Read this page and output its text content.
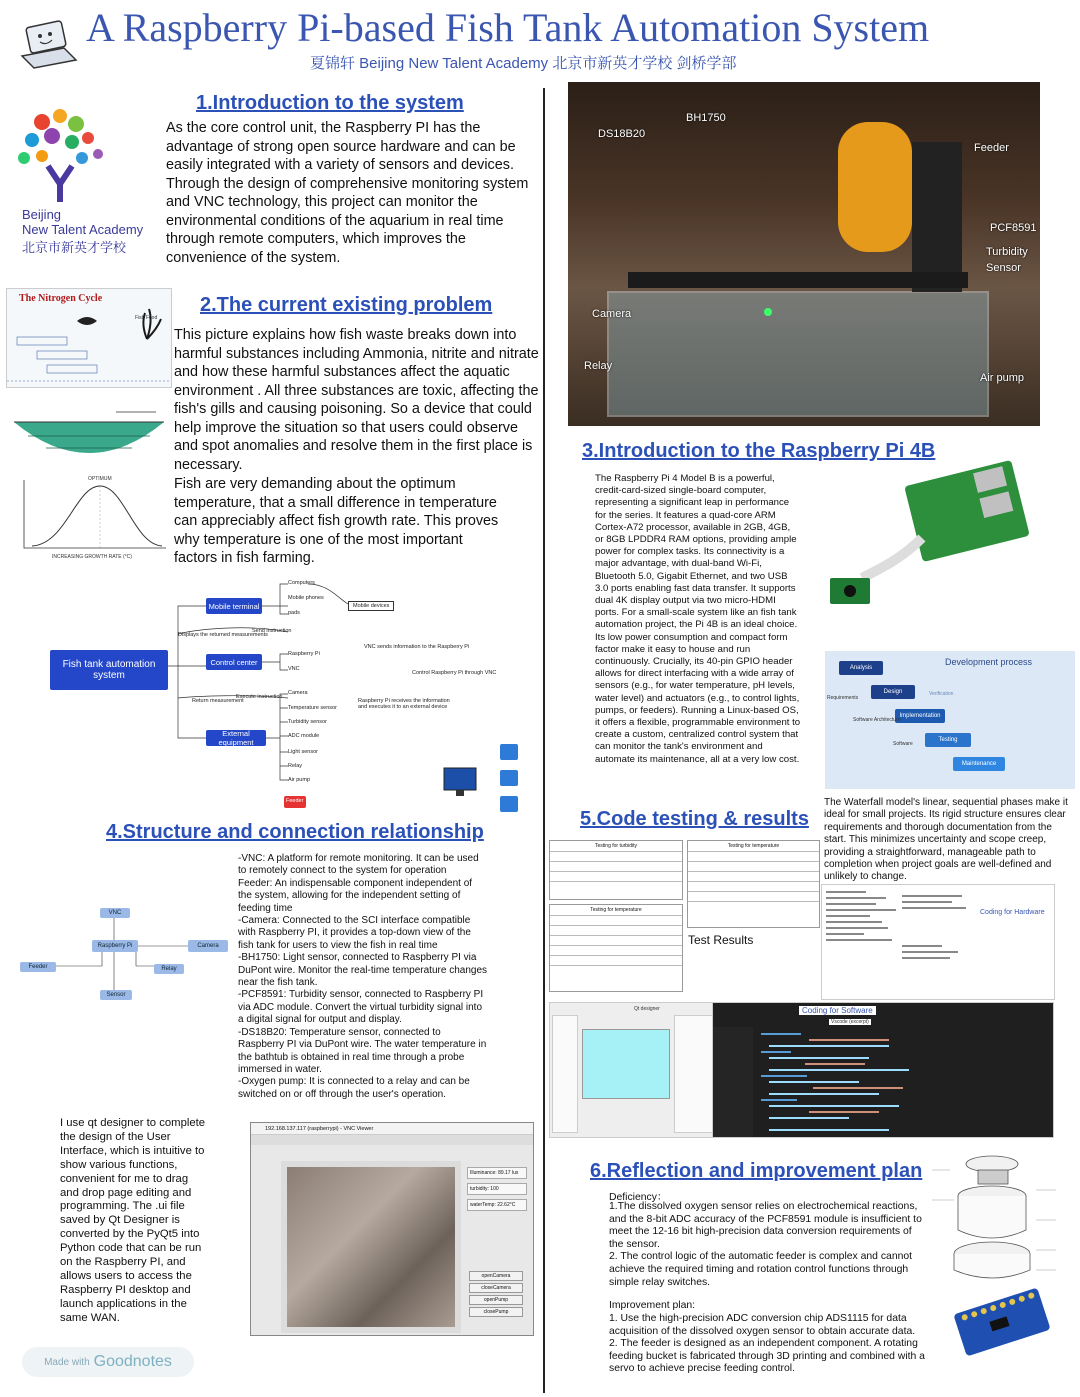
A Raspberry Pi-based Fish Tank Automation System
夏锦轩 Beijing New Talent Academy 北京市新英才学校 剑桥学部
Beijing
New Talent Academy
北京市新英才学校
1.Introduction to the system
As the core control unit, the Raspberry PI has the advantage of strong open source hardware and can be easily integrated with a variety of sensors and devices. Through the design of comprehensive monitoring system and VNC technology, this project can monitor the environmental conditions of the aquarium in real time through remote computers, which improves the convenience of the system.
The Nitrogen Cycle
Fish Food
OPTIMUM
INCREASING GROWTH RATE (°C)
2.The current existing problem
This picture explains how fish waste breaks down into harmful substances including Ammonia, nitrite and nitrate and how these harmful substances affect the aquatic environment . All three substances are toxic, affecting the fish's gills and causing poisoning. So a device that could help improve the situation so that users could observe and spot anomalies and resolve them in the first place is necessary.
Fish are very demanding about the optimum temperature, that a small difference in temperature can appreciably affect fish growth rate. This proves why temperature is one of the most important factors in fish farming.
Fish tank automation system
Mobile terminal
Control center
External equipment
Computers
Mobile phones
pads
Mobile devices
Displays the returned measurements
Send instruction
Raspberry Pi
VNC
VNC sends information to the Raspberry Pi
Control Raspberry Pi through VNC
Return measurement
Execute instruction
Camera
Temperature sensor
Turbidity sensor
ADC module
Light sensor
Relay
Air pump
Raspberry Pi receives the information and executes it to an external device
Feeder
4.Structure and connection relationship
VNC
Raspberry Pi	Camera
Relay
Feeder
Sensor
-VNC: A platform for remote monitoring. It can be used to remotely connect to the system for operation
Feeder: An indispensable component independent of the system, allowing for the independent setting of feeding time
-Camera: Connected to the SCI interface compatible with Raspberry PI, it provides a top-down view of the fish tank for users to view the fish in real time
-BH1750: Light sensor, connected to Raspberry PI via DuPont wire. Monitor the real-time temperature changes near the fish tank.
-PCF8591: Turbidity sensor, connected to Raspberry PI via ADC module. Convert the virtual turbidity signal into a digital signal for output and display.
-DS18B20: Temperature sensor, connected to Raspberry PI via DuPont wire. The water temperature in the bathtub is obtained in real time through a probe immersed in water.
-Oxygen pump: It is connected to a relay and can be switched on or off through the user's operation.
I use qt designer to complete the design of the User Interface, which is intuitive to show various functions, convenient for me to drag and drop page editing and programming. The .ui file saved by Qt Designer is converted by the PyQt5 into Python code that can be run on the Raspberry PI, and allows users to access the Raspberry PI desktop and launch applications in the same WAN.
192.168.137.117 (raspberrypi) - VNC Viewer
Illuminance: 89.17 lux
turbidity: 100
waterTemp: 22.62°C
openCamera
closeCamera
openPump
closePump
Made with Goodnotes
DS18B20
BH1750
Feeder
PCF8591
Turbidity
Sensor
Camera
Relay
Air pump
3.Introduction to the Raspberry Pi 4B
The Raspberry Pi 4 Model B is a powerful, credit-card-sized single-board computer, representing a significant leap in performance for the series. It features a quad-core ARM Cortex-A72 processor, available in 2GB, 4GB, or 8GB LPDDR4 RAM options, providing ample power for complex tasks. Its connectivity is a major advantage, with dual-band Wi-Fi, Bluetooth 5.0, Gigabit Ethernet, and two USB 3.0 ports enabling fast data transfer. It supports dual 4K display output via two micro-HDMI ports. For a small-scale system like an fish tank automation project, the Pi 4B is an ideal choice. Its low power consumption and compact form factor make it easy to house and run continuously. Crucially, its 40-pin GPIO header allows for direct interfacing with a wide array of sensors (e.g., for water temperature, pH levels, water level) and actuators (e.g., to control lights, pumps, or feeders). Running a Linux-based OS, it offers a flexible, programmable environment to create a custom, centralized control system that can monitor the tank's environment and automate its maintenance, all at a very low cost.
Development process
Analysis
Design
Implementation
Testing
Maintenance
Requirements
Software Architecture
Software
Verification
The Waterfall model's linear, sequential phases make it ideal for small projects. Its rigid structure ensures clear requirements and thorough documentation from the start. This minimizes uncertainty and scope creep, providing a straightforward, manageable path to completion when project goals are well-defined and unlikely to change.
5.Code testing & results
Testing for turbidity
Testing for temperature
Testing for temperature
Test Results
Coding for Hardware
Qt designer	Coding for Software
Vscode (excerpt)
6.Reflection and improvement plan
Deficiency：
1.The dissolved oxygen sensor relies on electrochemical reactions, and the 8-bit ADC accuracy of the PCF8591 module is insufficient to meet the 12-16 bit high-precision data conversion requirements of the sensor.
2. The control logic of the automatic feeder is complex and cannot achieve the required timing and rotation control functions through simple relay switches.
Improvement plan:
1. Use the high-precision ADC conversion chip ADS1115 for data acquisition of the dissolved oxygen sensor to obtain accurate data.
2. The feeder is designed as an independent component. A rotating feeding bucket is fabricated through 3D printing and combined with a servo to achieve precise feeding control.
